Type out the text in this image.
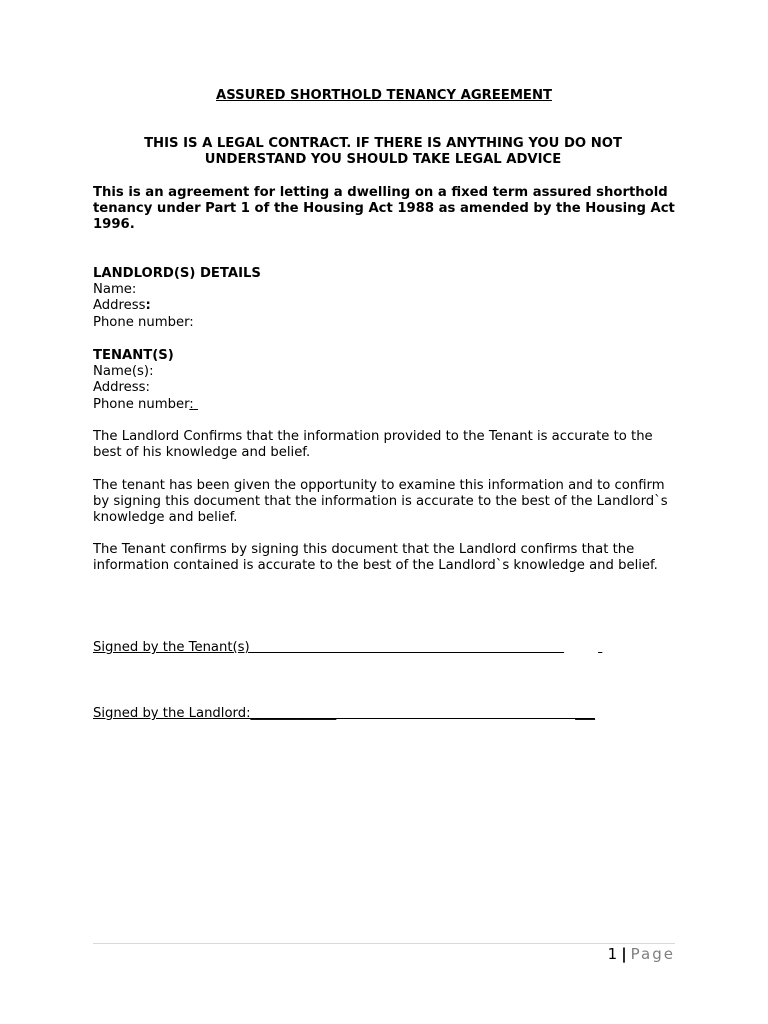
ASSURED SHORTHOLD TENANCY AGREEMENT
THIS IS A LEGAL CONTRACT. IF THERE IS ANYTHING YOU DO NOT UNDERSTAND YOU SHOULD TAKE LEGAL ADVICE
This is an agreement for letting a dwelling on a fixed term assured shorthold tenancy under Part 1 of the Housing Act 1988 as amended by the Housing Act 1996.
LANDLORD(S) DETAILS
Name:
Address:
Phone number:
TENANT(S)
Name(s):
Address:
Phone number:
The Landlord Confirms that the information provided to the Tenant is accurate to the best of his knowledge and belief.
The tenant has been given the opportunity to examine this information and to confirm by signing this document that the information is accurate to the best of the Landlord`s knowledge and belief.
The Tenant confirms by signing this document that the Landlord confirms that the information contained is accurate to the best of the Landlord`s knowledge and belief.
Signed by the Tenant(s)
Signed by the Landlord:_____________                                                         ___
1 | Page
